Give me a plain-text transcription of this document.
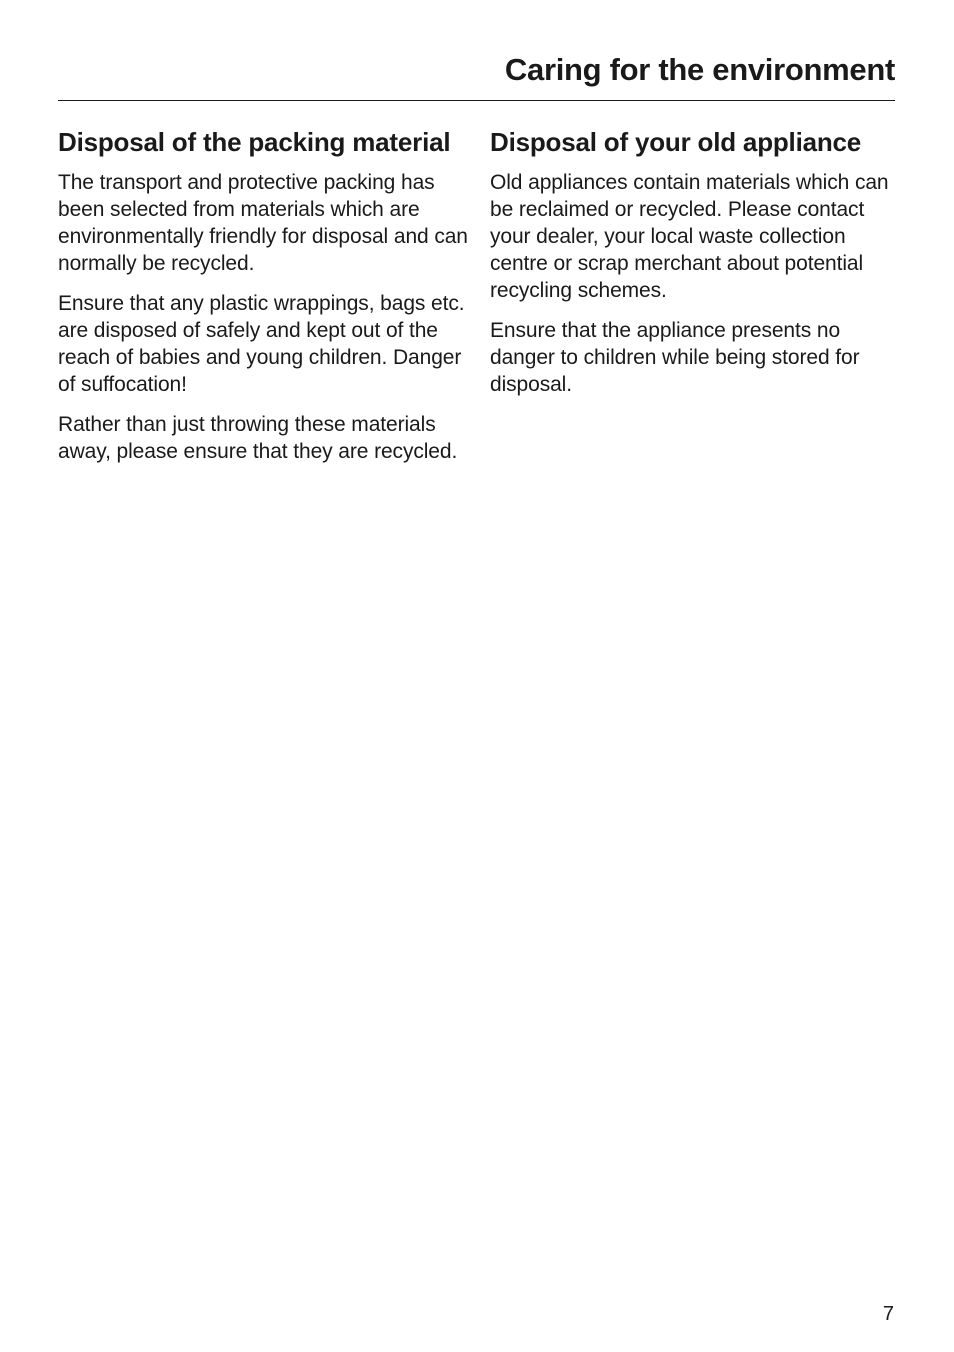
Caring for the environment
Disposal of the packing material

The transport and protective packing has been selected from materials which are environmentally friendly for disposal and can normally be recycled.

Ensure that any plastic wrappings, bags etc. are disposed of safely and kept out of the reach of babies and young children. Danger of suffocation!

Rather than just throwing these materials away, please ensure that they are recycled.

Disposal of your old appliance

Old appliances contain materials which can be reclaimed or recycled. Please contact your dealer, your local waste collection centre or scrap merchant about potential recycling schemes.

Ensure that the appliance presents no danger to children while being stored for disposal.

7
